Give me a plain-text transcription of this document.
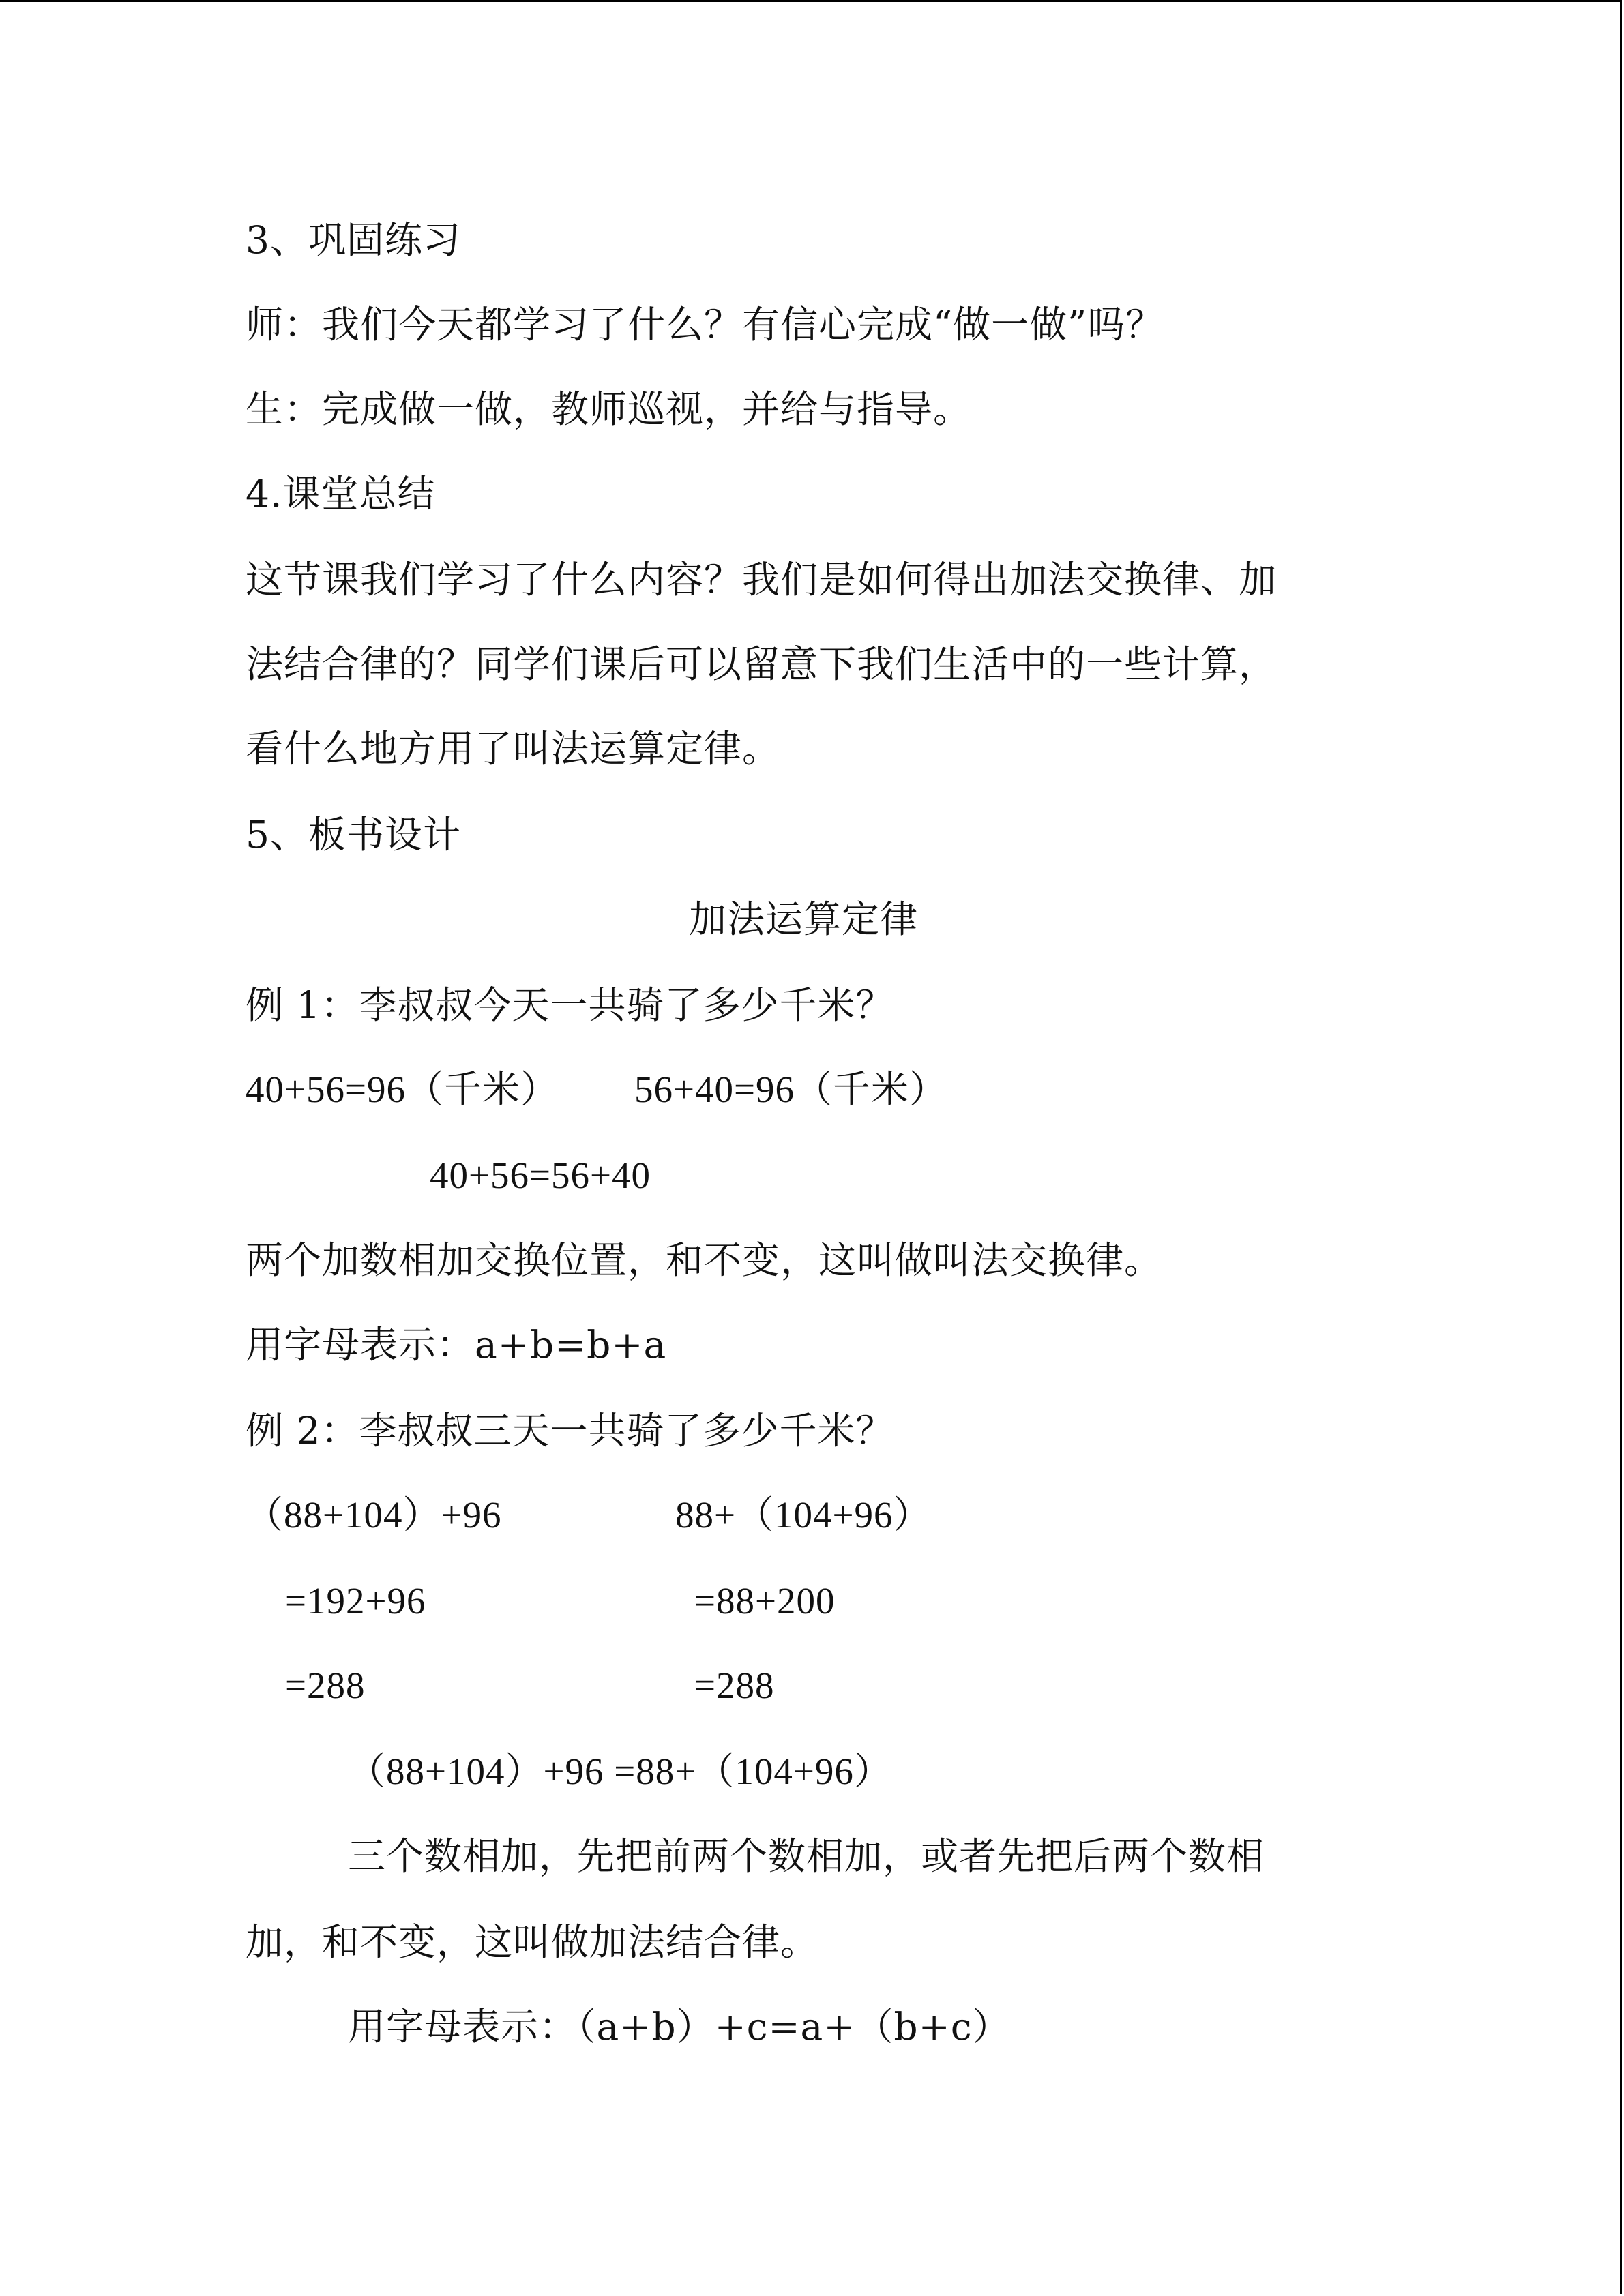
3、巩固练习
师：我们今天都学习了什么？有信心完成“做一做”吗？
生：完成做一做，教师巡视，并给与指导。
4.课堂总结
这节课我们学习了什么内容？我们是如何得出加法交换律、加
法结合律的？同学们课后可以留意下我们生活中的一些计算，
看什么地方用了叫法运算定律。
5、板书设计
加法运算定律
例 1：李叔叔今天一共骑了多少千米？
40+56=96（千米） 56+40=96（千米）
40+56=56+40
两个加数相加交换位置，和不变，这叫做叫法交换律。
用字母表示：a+b=b+a
例 2：李叔叔三天一共骑了多少千米？
（88+104）+96	88+（104+96）
=192+96	=88+200
=288	=288
（88+104）+96 =88+（104+96）
三个数相加，先把前两个数相加，或者先把后两个数相
加，和不变，这叫做加法结合律。
用字母表示：（a+b）+c=a+（b+c）
